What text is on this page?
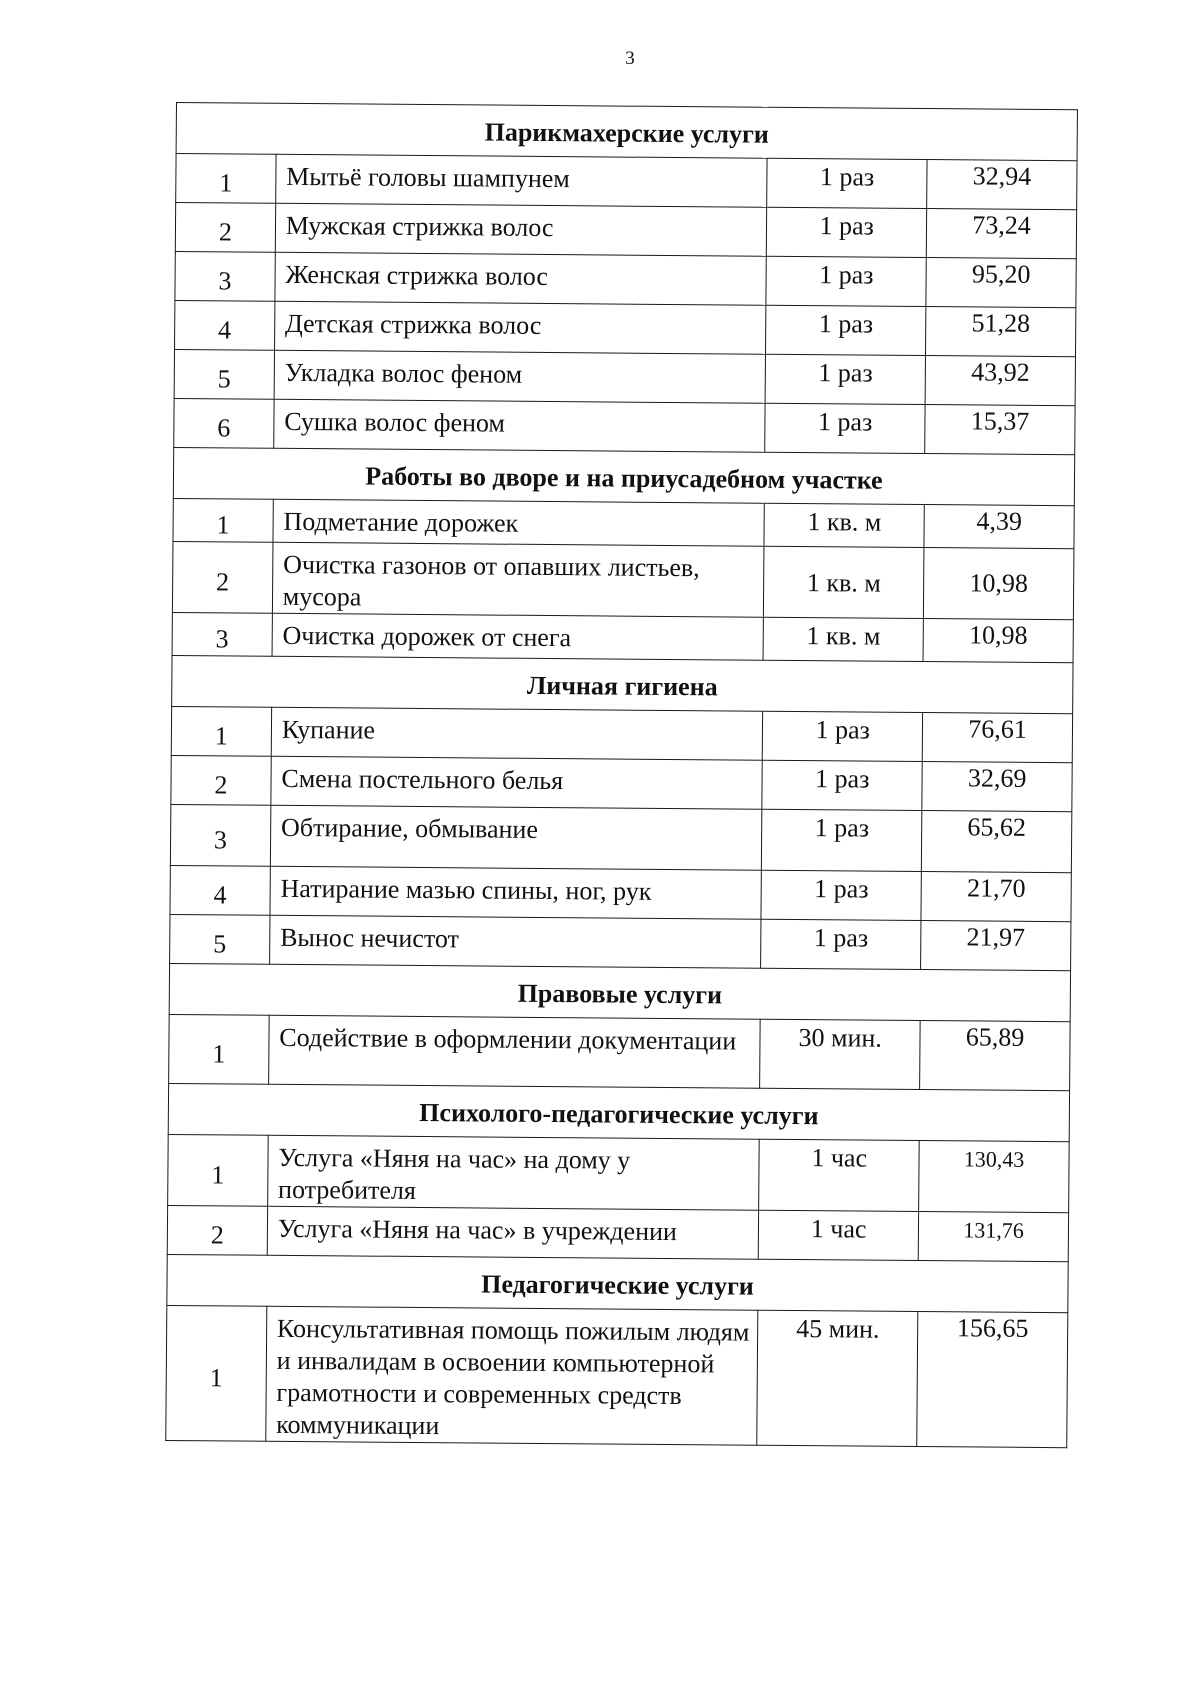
3
Парикмахерские услуги			
1	Мытьё головы шампунем	1 раз	32,94
2	Мужская стрижка волос	1 раз	73,24
3	Женская стрижка волос	1 раз	95,20
4	Детская стрижка волос	1 раз	51,28
5	Укладка волос феном	1 раз	43,92
6	Сушка волос феном	1 раз	15,37
Работы во дворе и на приусадебном участке			
1	Подметание дорожек	1 кв. м	4,39
2	Очистка газонов от опавших листьев, мусора	1 кв. м	10,98
3	Очистка дорожек от снега	1 кв. м	10,98
Личная гигиена			
1	Купание	1 раз	76,61
2	Смена постельного белья	1 раз	32,69
3	Обтирание, обмывание	1 раз	65,62
4	Натирание мазью спины, ног, рук	1 раз	21,70
5	Вынос нечистот	1 раз	21,97
Правовые услуги			
1	Содействие в оформлении документации	30 мин.	65,89
Психолого-педагогические услуги			
1	Услуга «Няня на час» на дому у потребителя	1 час	130,43
2	Услуга «Няня на час» в учреждении	1 час	131,76
Педагогические услуги			
1	Консультативная помощь пожилым людям и инвалидам в освоении компьютерной грамотности и современных средств коммуникации	45 мин.	156,65
